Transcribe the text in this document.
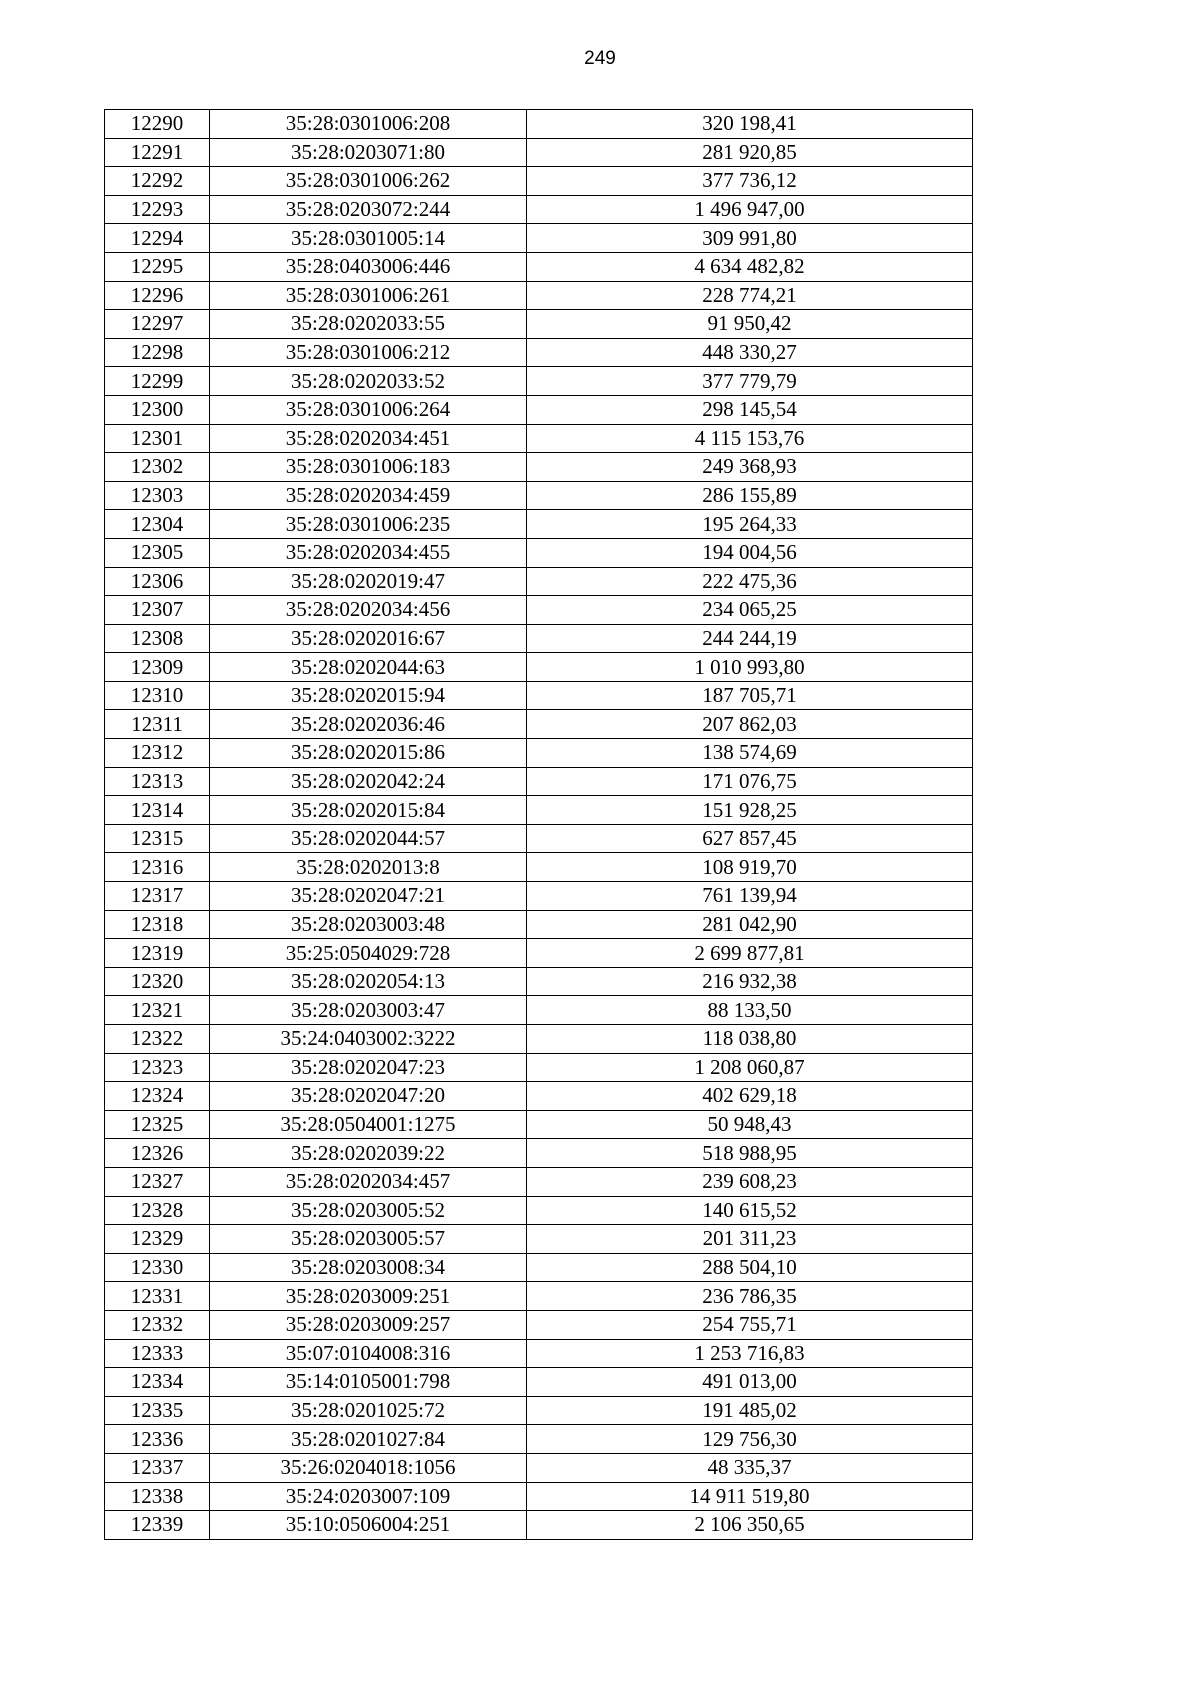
249
12290	35:28:0301006:208	320 198,41
12291	35:28:0203071:80	281 920,85
12292	35:28:0301006:262	377 736,12
12293	35:28:0203072:244	1 496 947,00
12294	35:28:0301005:14	309 991,80
12295	35:28:0403006:446	4 634 482,82
12296	35:28:0301006:261	228 774,21
12297	35:28:0202033:55	91 950,42
12298	35:28:0301006:212	448 330,27
12299	35:28:0202033:52	377 779,79
12300	35:28:0301006:264	298 145,54
12301	35:28:0202034:451	4 115 153,76
12302	35:28:0301006:183	249 368,93
12303	35:28:0202034:459	286 155,89
12304	35:28:0301006:235	195 264,33
12305	35:28:0202034:455	194 004,56
12306	35:28:0202019:47	222 475,36
12307	35:28:0202034:456	234 065,25
12308	35:28:0202016:67	244 244,19
12309	35:28:0202044:63	1 010 993,80
12310	35:28:0202015:94	187 705,71
12311	35:28:0202036:46	207 862,03
12312	35:28:0202015:86	138 574,69
12313	35:28:0202042:24	171 076,75
12314	35:28:0202015:84	151 928,25
12315	35:28:0202044:57	627 857,45
12316	35:28:0202013:8	108 919,70
12317	35:28:0202047:21	761 139,94
12318	35:28:0203003:48	281 042,90
12319	35:25:0504029:728	2 699 877,81
12320	35:28:0202054:13	216 932,38
12321	35:28:0203003:47	88 133,50
12322	35:24:0403002:3222	118 038,80
12323	35:28:0202047:23	1 208 060,87
12324	35:28:0202047:20	402 629,18
12325	35:28:0504001:1275	50 948,43
12326	35:28:0202039:22	518 988,95
12327	35:28:0202034:457	239 608,23
12328	35:28:0203005:52	140 615,52
12329	35:28:0203005:57	201 311,23
12330	35:28:0203008:34	288 504,10
12331	35:28:0203009:251	236 786,35
12332	35:28:0203009:257	254 755,71
12333	35:07:0104008:316	1 253 716,83
12334	35:14:0105001:798	491 013,00
12335	35:28:0201025:72	191 485,02
12336	35:28:0201027:84	129 756,30
12337	35:26:0204018:1056	48 335,37
12338	35:24:0203007:109	14 911 519,80
12339	35:10:0506004:251	2 106 350,65
